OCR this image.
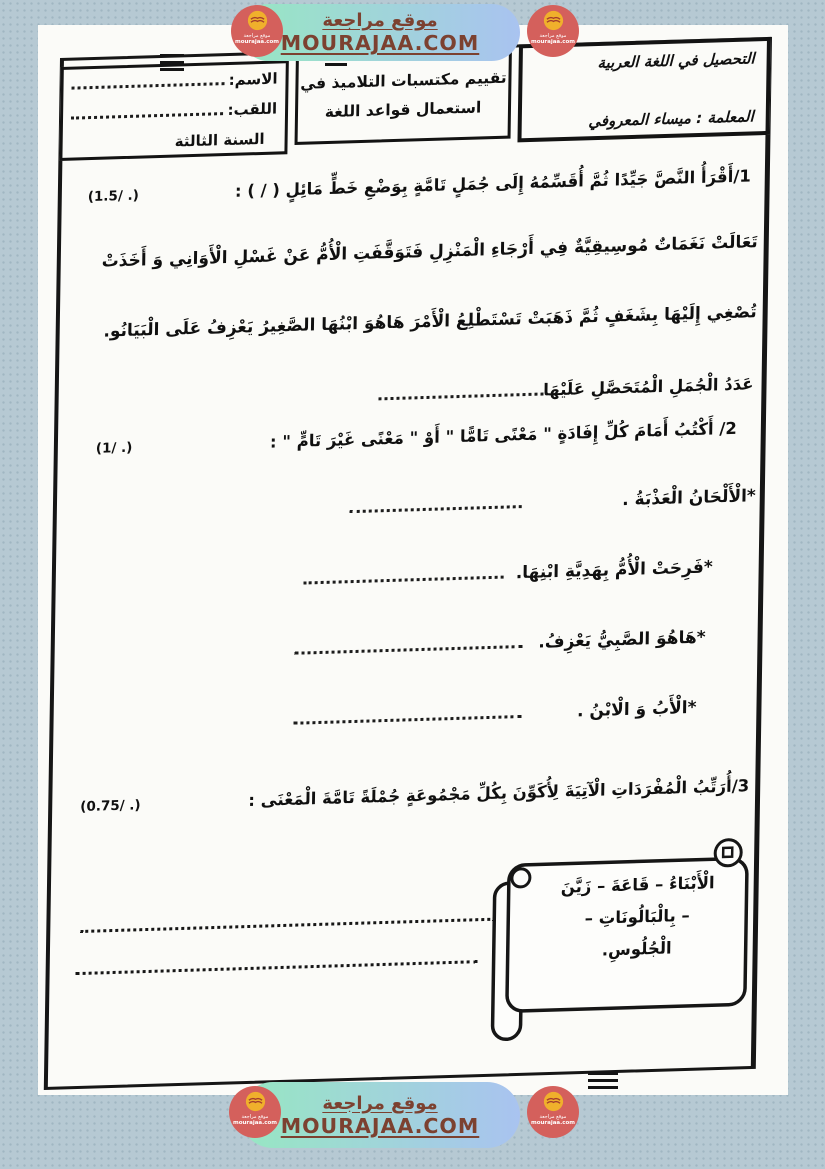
التحصيل في اللغة العربية
المعلمة : ميساء المعروفي
تقييم مكتسبات التلاميذ في
استعمال قواعد اللغة
الاسم:
اللقب:
السنة الثالثة
1/أَقْرَأُ النَّصَّ جَيِّدًا ثُمَّ أُقَسِّمُهُ إِلَى جُمَلٍ تَامَّةٍ بِوَضْعِ خَطٍّ مَائِلٍ ( / ) :
(1.5/ .)
تَعَالَتْ نَغَمَاتٌ مُوسِيقِيَّةٌ فِي أَرْجَاءِ الْمَنْزِلِ فَتَوَقَّفَتِ الْأُمُّ عَنْ غَسْلِ الْأَوَانِي وَ أَخَذَتْ
تُصْغِي إِلَيْهَا بِشَغَفٍ ثُمَّ ذَهَبَتْ تَسْتَطْلِعُ الْأَمْرَ هَاهُوَ ابْنُهَا الصَّغِيرُ يَعْزِفُ عَلَى الْبَيَانُو.
عَدَدُ الْجُمَلِ الْمُتَحَصَّلِ عَلَيْهَا
2/ أَكْتُبُ أَمَامَ كُلِّ إِفَادَةٍ " مَعْنًى تَامًّا " أَوْ " مَعْنًى غَيْرَ تَامٍّ " :
(1/ .)
*الْأَلْحَانُ الْعَذْبَةُ .
*فَرِحَتْ الْأُمُّ بِهَدِيَّةِ ابْنِهَا.
*هَاهُوَ الصَّبِيُّ يَعْزِفُ.
*الْأَبُ وَ الْابْنُ .
3/أُرَتِّبُ الْمُفْرَدَاتِ الْآتِيَةَ لِأُكَوِّنَ بِكُلِّ مَجْمُوعَةٍ جُمْلَةً تَامَّةَ الْمَعْنَى :
(0.75/ .)
الْأَبْنَاءُ – قَاعَةَ – زَيَّنَ
– بِالْبَالُونَاتِ –
الْجُلُوسِ.
موقع مراجعة
MOURAJAA.COM
موقع مراجعة
mourajaa.com
موقع مراجعة
mourajaa.com
موقع مراجعة
MOURAJAA.COM
موقع مراجعة
mourajaa.com
موقع مراجعة
mourajaa.com
